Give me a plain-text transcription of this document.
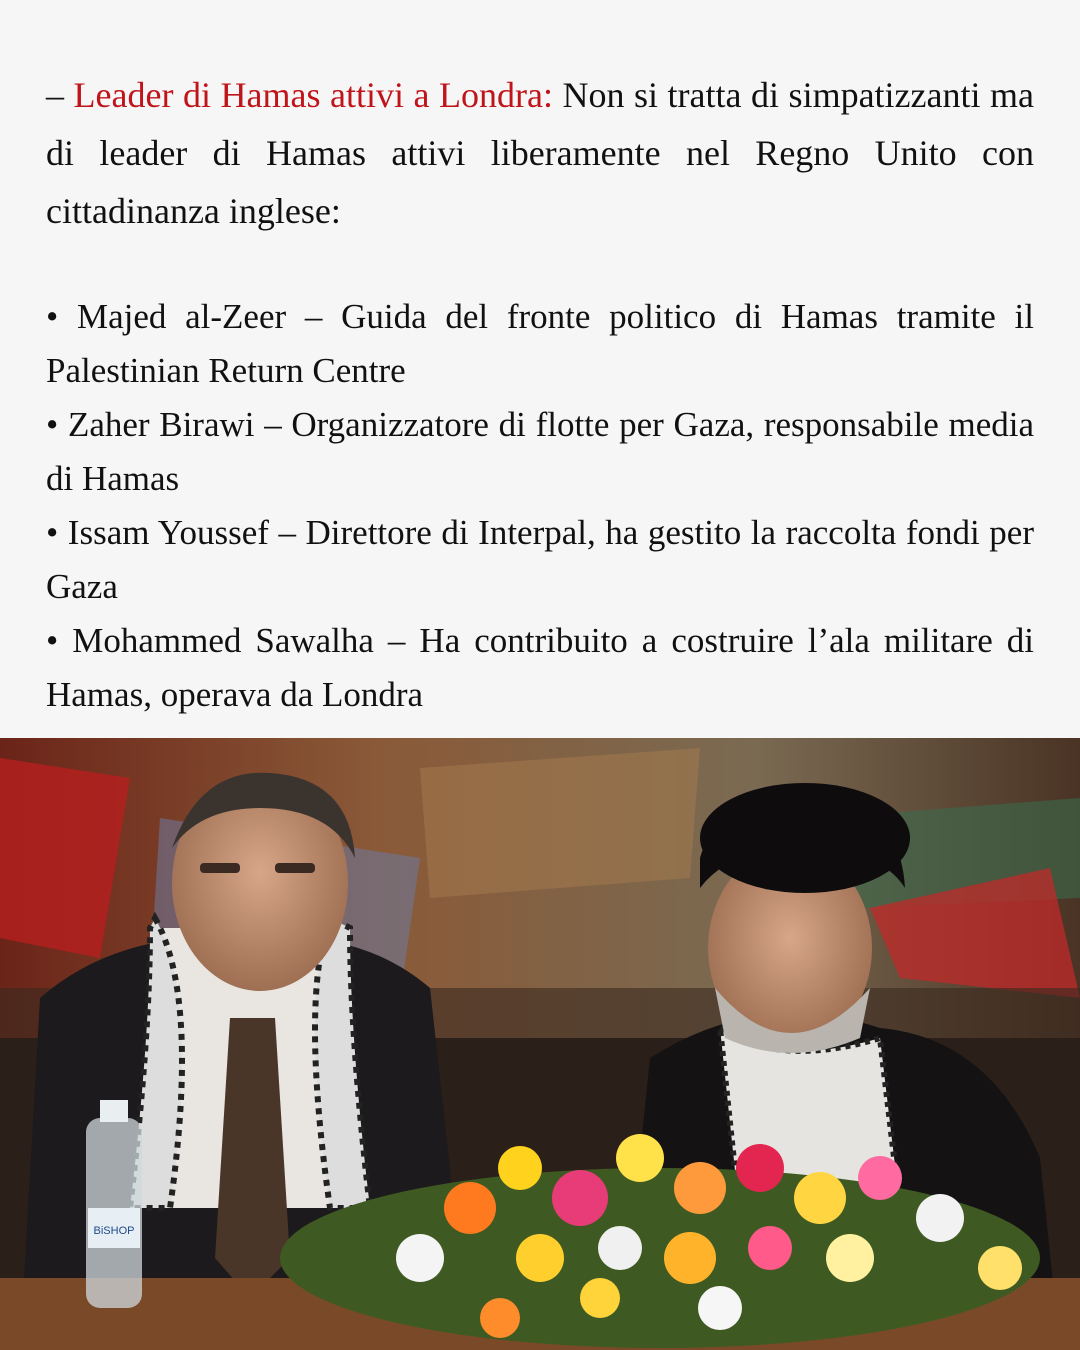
– Leader di Hamas attivi a Londra: Non si tratta di simpatizzanti ma di leader di Hamas attivi liberamente nel Regno Unito con cittadinanza inglese:

• Majed al-Zeer – Guida del fronte politico di Hamas tramite il Palestinian Return Centre
• Zaher Birawi – Organizzatore di flotte per Gaza, responsabile media di Hamas
• Issam Youssef – Direttore di Interpal, ha gestito la raccolta fondi per Gaza
• Mohammed Sawalha – Ha contribuito a costruire l’ala militare di Hamas, operava da Londra
BiSHOP
